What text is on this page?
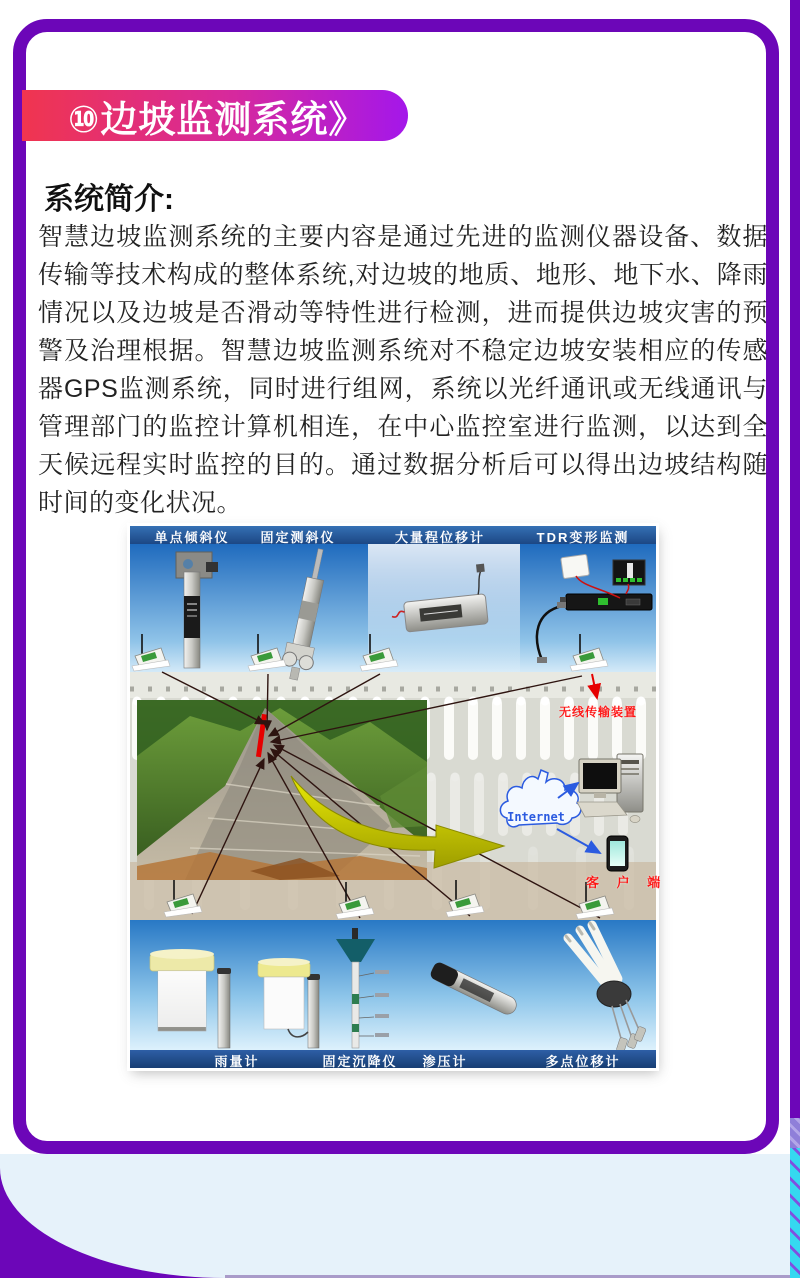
⑩边坡监测系统》
系统简介:
智慧边坡监测系统的主要内容是通过先进的监测仪器设备、数据传输等技术构成的整体系统,对边坡的地质、地形、地下水、降雨情况以及边坡是否滑动等特性进行检测，进而提供边坡灾害的预警及治理根据。智慧边坡监测系统对不稳定边坡安装相应的传感器GPS监测系统，同时进行组网，系统以光纤通讯或无线通讯与管理部门的监控计算机相连，在中心监控室进行监测，以达到全天候远程实时监控的目的。通过数据分析后可以得出边坡结构随时间的变化状况。
单点倾斜仪 固定测斜仪	大量程位移计	TDR变形监测
无线传输装置
Internet
客 户 端
雨量计	固定沉降仪 渗压计	多点位移计
